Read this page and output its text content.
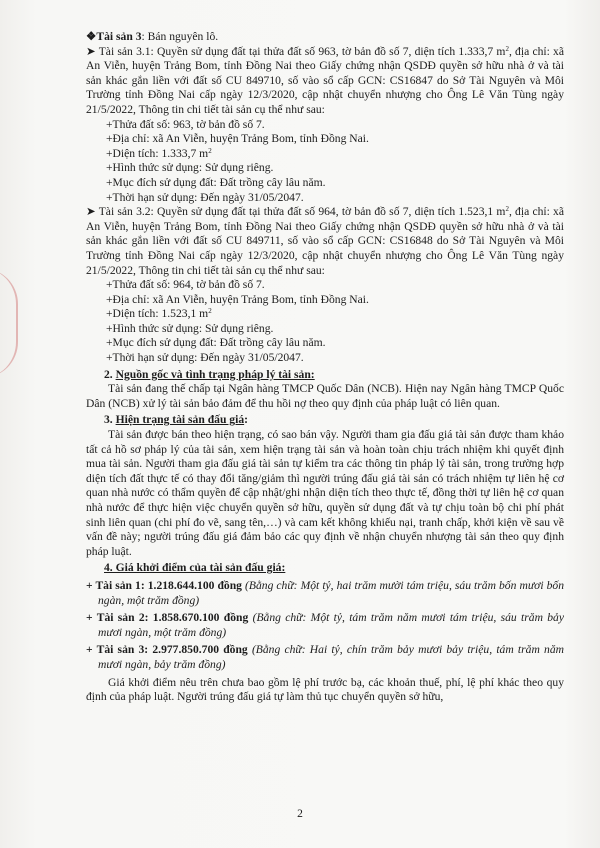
❖Tài sản 3: Bán nguyên lô.

➤ Tài sản 3.1: Quyền sử dụng đất tại thửa đất số 963, tờ bản đồ số 7, diện tích 1.333,7 $m^2$, địa chỉ: xã An Viễn, huyện Trảng Bom, tỉnh Đồng Nai theo Giấy chứng nhận QSDĐ quyền sở hữu nhà ở và tài sản khác gắn liền với đất số CU 849710, số vào sổ cấp GCN: CS16847 do Sở Tài Nguyên và Môi Trường tỉnh Đồng Nai cấp ngày 12/3/2020, cập nhật chuyển nhượng cho Ông Lê Văn Tùng ngày 21/5/2022, Thông tin chi tiết tài sản cụ thể như sau:

+Thửa đất số: 963, tờ bản đồ số 7.

+Địa chỉ: xã An Viễn, huyện Trảng Bom, tỉnh Đồng Nai.

+Diện tích: 1.333,7 $m^2$

+Hình thức sử dụng: Sử dụng riêng.

+Mục đích sử dụng đất: Đất trồng cây lâu năm.

+Thời hạn sử dụng: Đến ngày 31/05/2047.

➤ Tài sản 3.2: Quyền sử dụng đất tại thửa đất số 964, tờ bản đồ số 7, diện tích 1.523,1 $m^2$, địa chỉ: xã An Viễn, huyện Trảng Bom, tỉnh Đồng Nai theo Giấy chứng nhận QSDĐ quyền sở hữu nhà ở và tài sản khác gắn liền với đất số CU 849711, số vào sổ cấp GCN: CS16848 do Sở Tài Nguyên và Môi Trường tỉnh Đồng Nai cấp ngày 12/3/2020, cập nhật chuyển nhượng cho Ông Lê Văn Tùng ngày 21/5/2022, Thông tin chi tiết tài sản cụ thể như sau:

+Thửa đất số: 964, tờ bản đồ số 7.

+Địa chỉ: xã An Viễn, huyện Trảng Bom, tỉnh Đồng Nai.

+Diện tích: 1.523,1 $m^2$

+Hình thức sử dụng: Sử dụng riêng.

+Mục đích sử dụng đất: Đất trồng cây lâu năm.

+Thời hạn sử dụng: Đến ngày 31/05/2047.

2. Nguồn gốc và tình trạng pháp lý tài sản:

Tài sản đang thế chấp tại Ngân hàng TMCP Quốc Dân (NCB). Hiện nay Ngân hàng TMCP Quốc Dân (NCB) xử lý tài sản bảo đảm để thu hồi nợ theo quy định của pháp luật có liên quan.

3. Hiện trạng tài sản đấu giá:

Tài sản được bán theo hiện trạng, có sao bán vậy. Người tham gia đấu giá tài sản được tham khảo tất cả hồ sơ pháp lý của tài sản, xem hiện trạng tài sản và hoàn toàn chịu trách nhiệm khi quyết định mua tài sản. Người tham gia đấu giá tài sản tự kiểm tra các thông tin pháp lý tài sản, trong trường hợp diện tích đất thực tế có thay đổi tăng/giảm thì người trúng đấu giá tài sản có trách nhiệm tự liên hệ cơ quan nhà nước có thẩm quyền để cập nhật/ghi nhận diện tích theo thực tế, đồng thời tự liên hệ cơ quan nhà nước để thực hiện việc chuyển quyền sở hữu, quyền sử dụng đất và tự chịu toàn bộ chi phí phát sinh liên quan (chi phí đo vẽ, sang tên,…) và cam kết không khiếu nại, tranh chấp, khởi kiện về sau về vấn đề này; người trúng đấu giá đảm bảo các quy định về nhận chuyển nhượng tài sản theo quy định pháp luật.

4. Giá khởi điểm của tài sản đấu giá:

+ Tài sản 1: 1.218.644.100 đồng (Bằng chữ: Một tỷ, hai trăm mười tám triệu, sáu trăm bốn mươi bốn ngàn, một trăm đồng)

+ Tài sản 2: 1.858.670.100 đồng (Bằng chữ: Một tỷ, tám trăm năm mươi tám triệu, sáu trăm bảy mươi ngàn, một trăm đồng)

+ Tài sản 3: 2.977.850.700 đồng (Bằng chữ: Hai tỷ, chín trăm bảy mươi bảy triệu, tám trăm năm mươi ngàn, bảy trăm đồng)

Giá khởi điểm nêu trên chưa bao gồm lệ phí trước bạ, các khoản thuế, phí, lệ phí khác theo quy định của pháp luật. Người trúng đấu giá tự làm thủ tục chuyển quyền sở hữu,

2
